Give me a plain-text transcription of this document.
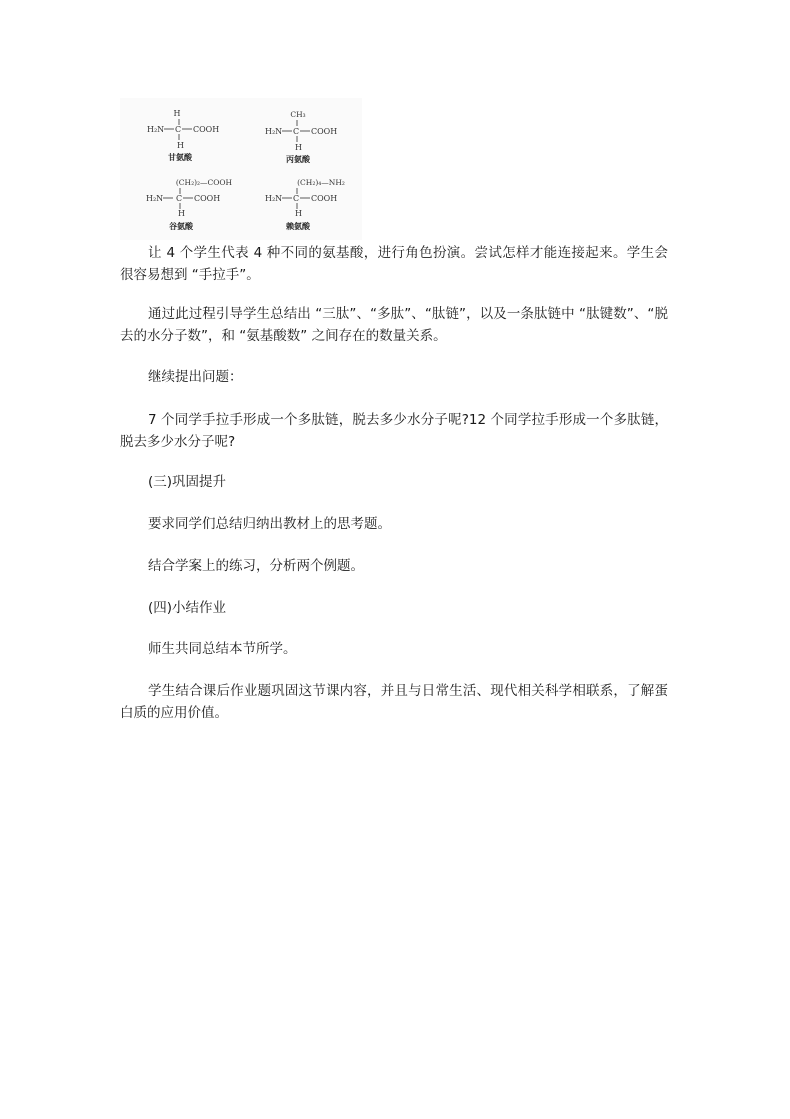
H
H₂N C COOH
H
甘氨酸
CH₃
H₂N C COOH
H
丙氨酸
(CH₂)₂—COOH
H₂N C COOH
H
谷氨酸
(CH₂)₄—NH₂
H₂N C COOH
H
赖氨酸

让 4 个学生代表 4 种不同的氨基酸，进行角色扮演。尝试怎样才能连接起来。学生会很容易想到 “手拉手”。

通过此过程引导学生总结出 “三肽”、“多肽”、“肽链”，以及一条肽链中 “肽键数”、“脱去的水分子数”，和 “氨基酸数” 之间存在的数量关系。

继续提出问题：

7 个同学手拉手形成一个多肽链，脱去多少水分子呢?12 个同学拉手形成一个多肽链，脱去多少水分子呢?

(三)巩固提升

要求同学们总结归纳出教材上的思考题。

结合学案上的练习，分析两个例题。

(四)小结作业

师生共同总结本节所学。

学生结合课后作业题巩固这节课内容，并且与日常生活、现代相关科学相联系，了解蛋白质的应用价值。
